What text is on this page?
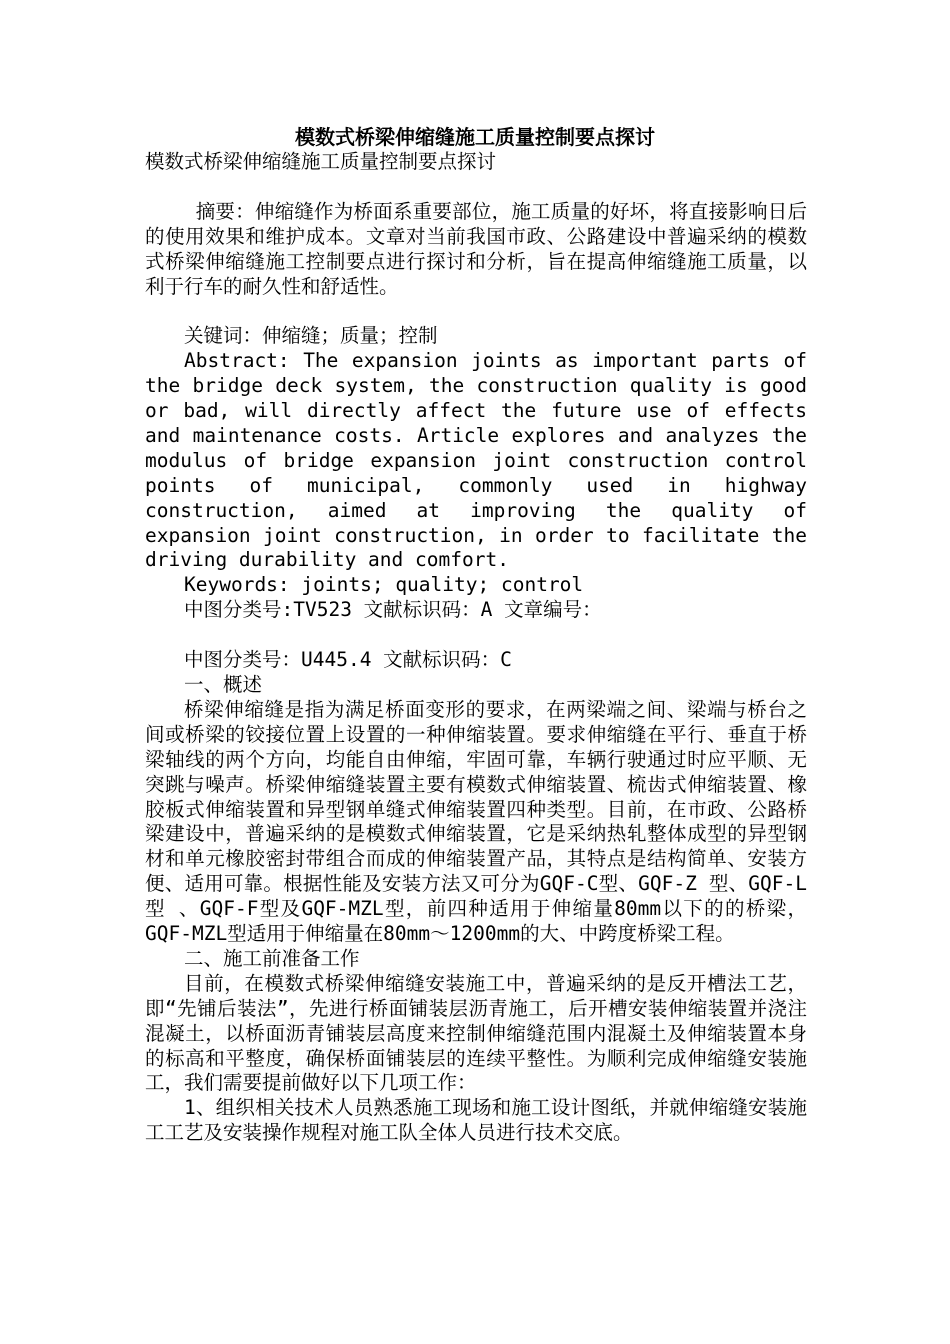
模数式桥梁伸缩缝施工质量控制要点探讨

模数式桥梁伸缩缝施工质量控制要点探讨

摘要：伸缩缝作为桥面系重要部位，施工质量的好坏，将直接影响日后的使用效果和维护成本。文章对当前我国市政、公路建设中普遍采纳的模数式桥梁伸缩缝施工控制要点进行探讨和分析，旨在提高伸缩缝施工质量，以利于行车的耐久性和舒适性。

关键词：伸缩缝；质量；控制

Abstract: The expansion joints as important parts of the bridge deck system, the construction quality is good or bad, will directly affect the future use of effects and maintenance costs. Article explores and analyzes the modulus of bridge expansion joint construction control points of municipal, commonly used in highway construction, aimed at improving the quality of expansion joint construction, in order to facilitate the driving durability and comfort.

Keywords: joints; quality; control

中图分类号:TV523 文献标识码：A 文章编号：

中图分类号：U445.4 文献标识码：C

一、概述

桥梁伸缩缝是指为满足桥面变形的要求，在两梁端之间、梁端与桥台之间或桥梁的铰接位置上设置的一种伸缩装置。要求伸缩缝在平行、垂直于桥梁轴线的两个方向，均能自由伸缩，牢固可靠，车辆行驶通过时应平顺、无突跳与噪声。桥梁伸缩缝装置主要有模数式伸缩装置、梳齿式伸缩装置、橡胶板式伸缩装置和异型钢单缝式伸缩装置四种类型。目前，在市政、公路桥梁建设中，普遍采纳的是模数式伸缩装置，它是采纳热轧整体成型的异型钢材和单元橡胶密封带组合而成的伸缩装置产品，其特点是结构简单、安装方便、适用可靠。根据性能及安装方法又可分为GQF-C型、GQF-Z 型、GQF-L型 、GQF-F型及GQF-MZL型，前四种适用于伸缩量80mm以下的的桥梁，GQF-MZL型适用于伸缩量在80mm～1200mm的大、中跨度桥梁工程。

二、施工前准备工作

目前，在模数式桥梁伸缩缝安装施工中，普遍采纳的是反开槽法工艺，即“先铺后装法”，先进行桥面铺装层沥青施工，后开槽安装伸缩装置并浇注混凝土，以桥面沥青铺装层高度来控制伸缩缝范围内混凝土及伸缩装置本身的标高和平整度，确保桥面铺装层的连续平整性。为顺利完成伸缩缝安装施工，我们需要提前做好以下几项工作：

1、组织相关技术人员熟悉施工现场和施工设计图纸，并就伸缩缝安装施工工艺及安装操作规程对施工队全体人员进行技术交底。
